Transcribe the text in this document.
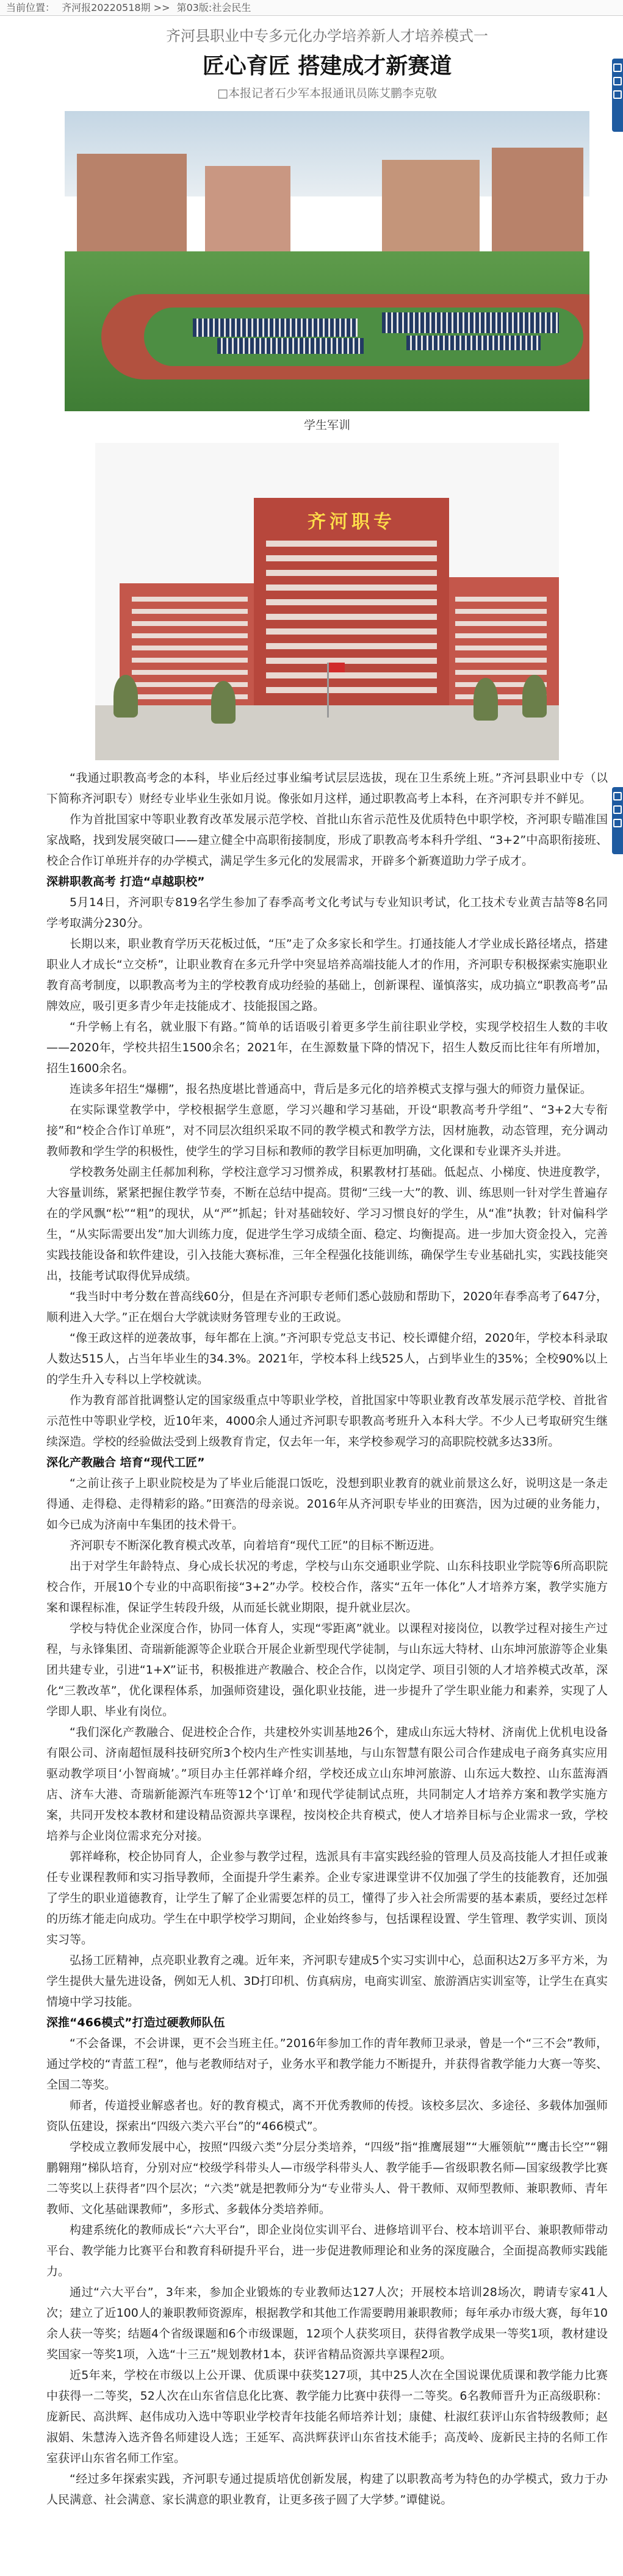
当前位置： 齐河报20220518期 >> 第03版:社会民生
齐河县职业中专多元化办学培养新人才培养模式一
匠心育匠 搭建成才新赛道
□本报记者石少军本报通讯员陈艾鹏李克敬
学生军训
齐河职专

“我通过职教高考念的本科，毕业后经过事业编考试层层选拔，现在卫生系统上班。”齐河县职业中专（以下简称齐河职专）财经专业毕业生张如月说。像张如月这样，通过职教高考上本科，在齐河职专并不鲜见。

作为首批国家中等职业教育改革发展示范学校、首批山东省示范性及优质特色中职学校，齐河职专瞄准国家战略，找到发展突破口——建立健全中高职衔接制度，形成了职教高考本科升学组、“3+2”中高职衔接班、校企合作订单班并存的办学模式，满足学生多元化的发展需求，开辟多个新赛道助力学子成才。

深耕职教高考 打造“卓越职校”

5月14日，齐河职专819名学生参加了春季高考文化考试与专业知识考试，化工技术专业黄吉喆等8名同学考取满分230分。

长期以来，职业教育学历天花板过低，“压”走了众多家长和学生。打通技能人才学业成长路径堵点，搭建职业人才成长“立交桥”，让职业教育在多元升学中突显培养高端技能人才的作用，齐河职专积极探索实施职业教育高考制度，以职教高考为主的学校教育成功经验的基础上，创新课程、谨慎落实，成功搞立“职教高考”品牌效应，吸引更多青少年走技能成才、技能报国之路。

“升学畅上有名，就业服下有路。”简单的话语吸引着更多学生前往职业学校，实现学校招生人数的丰收——2020年，学校共招生1500余名；2021年，在生源数量下降的情况下，招生人数反而比往年有所增加，招生1600余名。

连读多年招生“爆棚”，报名热度堪比普通高中，背后是多元化的培养模式支撑与强大的师资力量保证。

在实际课堂教学中，学校根据学生意愿，学习兴趣和学习基础，开设“职教高考升学组”、“3+2大专衔接”和“校企合作订单班”，对不同层次组织采取不同的教学模式和教学方法，因材施教，动态管理，充分调动教师教和学生学的积极性，使学生的学习目标和教师的教学目标更加明确，文化课和专业课齐头并进。

学校教务处副主任郝加利称，学校注意学习习惯养成，积累教材打基础。低起点、小梯度、快进度教学，大容量训练，紧紧把握住教学节奏，不断在总结中提高。贯彻“三线一大”的教、训、练思则一针对学生普遍存在的学风飘“松”“粗”的现状，从“严”抓起；针对基础较好、学习习惯良好的学生，从“准”执教；针对偏科学生，“从实际需要出发”加大训练力度，促进学生学习成绩全面、稳定、均衡提高。进一步加大资金投入，完善实践技能设备和软件建设，引入技能大赛标准，三年全程强化技能训练，确保学生专业基础扎实，实践技能突出，技能考试取得优异成绩。

“我当时中考分数在普高线60分，但是在齐河职专老师们悉心鼓励和帮助下，2020年春季高考了647分，顺利进入大学。”正在烟台大学就读财务管理专业的王政说。

“像王政这样的逆袭故事，每年都在上演。”齐河职专党总支书记、校长谭健介绍，2020年，学校本科录取人数达515人，占当年毕业生的34.3%。2021年，学校本科上线525人，占到毕业生的35%；全校90%以上的学生升入专科以上学校就读。

作为教育部首批调整认定的国家级重点中等职业学校，首批国家中等职业教育改革发展示范学校、首批省示范性中等职业学校，近10年来，4000余人通过齐河职专职教高考班升入本科大学。不少人已考取研究生继续深造。学校的经验做法受到上级教育肯定，仅去年一年，来学校参观学习的高职院校就多达33所。

深化产教融合 培育“现代工匠”

“之前让孩子上职业院校是为了毕业后能混口饭吃，没想到职业教育的就业前景这么好，说明这是一条走得通、走得稳、走得精彩的路。”田赛浩的母亲说。2016年从齐河职专毕业的田赛浩，因为过硬的业务能力，如今已成为济南中车集团的技术骨干。

齐河职专不断深化教育模式改革，向着培育“现代工匠”的目标不断迈进。

出于对学生年龄特点、身心成长状况的考虑，学校与山东交通职业学院、山东科技职业学院等6所高职院校合作，开展10个专业的中高职衔接“3+2”办学。校校合作，落实“五年一体化”人才培养方案，教学实施方案和课程标准，保证学生转段升级，从而延长就业期限，提升就业层次。

学校与特优企业深度合作，协同一体育人，实现“零距离”就业。以课程对接岗位，以教学过程对接生产过程，与永锋集团、奇瑞新能源等企业联合开展企业新型现代学徒制，与山东远大特材、山东坤河旅游等企业集团共建专业，引进“1+X”证书，积极推进产教融合、校企合作，以岗定学、项目引领的人才培养模式改革，深化“三教改革”，优化课程体系，加强师资建设，强化职业技能，进一步提升了学生职业能力和素养，实现了人学即人职、毕业有岗位。

“我们深化产教融合、促进校企合作，共建校外实训基地26个，建成山东远大特材、济南优上优机电设备有限公司、济南超恒晟科技研究所3个校内生产性实训基地，与山东智慧有限公司合作建成电子商务真实应用驱动教学项目‘小智商城’。”项目办主任郭祥峰介绍，学校还成立山东坤河旅游、山东远大数控、山东蓝海酒店、济车大港、奇瑞新能源汽车班等12个‘订单’和现代学徒制试点班，共同制定人才培养方案和教学实施方案，共同开发校本教材和建设精品资源共享课程，按岗校企共育模式，使人才培养目标与企业需求一致，学校培养与企业岗位需求充分对接。

郭祥峰称，校企协同育人，企业参与教学过程，选派具有丰富实践经验的管理人员及高技能人才担任或兼任专业课程教师和实习指导教师，全面提升学生素养。企业专家进课堂讲不仅加强了学生的技能教育，还加强了学生的职业道德教育，让学生了解了企业需要怎样的员工，懂得了步入社会所需要的基本素质，要经过怎样的历练才能走向成功。学生在中职学校学习期间，企业始终参与，包括课程设置、学生管理、教学实训、顶岗实习等。

弘扬工匠精神，点亮职业教育之魂。近年来，齐河职专建成5个实习实训中心，总面积达2万多平方米，为学生提供大量先进设备，例如无人机、3D打印机、仿真病房，电商实训室、旅游酒店实训室等，让学生在真实情境中学习技能。

深推“466模式”打造过硬教师队伍

“不会备课，不会讲课，更不会当班主任。”2016年参加工作的青年教师卫录录，曾是一个“三不会”教师，通过学校的“青蓝工程”，他与老教师结对子，业务水平和教学能力不断提升，并获得省教学能力大赛一等奖、全国二等奖。

师者，传道授业解惑者也。好的教育模式，离不开优秀教师的传授。该校多层次、多途径、多载体加强师资队伍建设，探索出“四级六类六平台”的“466模式”。

学校成立教师发展中心，按照“四级六类”分层分类培养，“四级”指“推鹰展翅”“大雁领航”“鹰击长空”“翱鹏翱翔”梯队培育，分别对应“校级学科带头人—市级学科带头人、教学能手—省级职教名师—国家级教学比赛二等奖以上获得者”四个层次；“六类”就是把教师分为“专业带头人、骨干教师、双师型教师、兼职教师、青年教师、文化基础课教师”，多形式、多载体分类培养师。

构建系统化的教师成长“六大平台”，即企业岗位实训平台、进修培训平台、校本培训平台、兼职教师带动平台、教学能力比赛平台和教育科研提升平台，进一步促进教师理论和业务的深度融合，全面提高教师实践能力。

通过“六大平台”，3年来，参加企业锻炼的专业教师达127人次；开展校本培训28场次，聘请专家41人次；建立了近100人的兼职教师资源库，根据教学和其他工作需要聘用兼职教师；每年承办市级大赛，每年10余人获一等奖；结题4个省级课题和6个市级课题，12项个人获奖项目，获得省教学成果一等奖1项，教材建设奖国家一等奖1项，入选“十三五”规划教材1本，获评省精品资源共享课程2项。

近5年来，学校在市级以上公开课、优质课中获奖127项，其中25人次在全国说课优质课和教学能力比赛中获得一二等奖，52人次在山东省信息化比赛、教学能力比赛中获得一二等奖。6名教师晋升为正高级职称：庞新民、高洪辉、赵伟成功入选中等职业学校青年技能名师培养计划；康健、杜淑红获评山东省特级教师；赵淑娟、朱慧涛入选齐鲁名师建设人选；王延军、高洪辉获评山东省技术能手；高茂岭、庞新民主持的名师工作室获评山东省名师工作室。

“经过多年探索实践，齐河职专通过提质培优创新发展，构建了以职教高考为特色的办学模式，致力于办人民满意、社会满意、家长满意的职业教育，让更多孩子圆了大学梦。”谭健说。
